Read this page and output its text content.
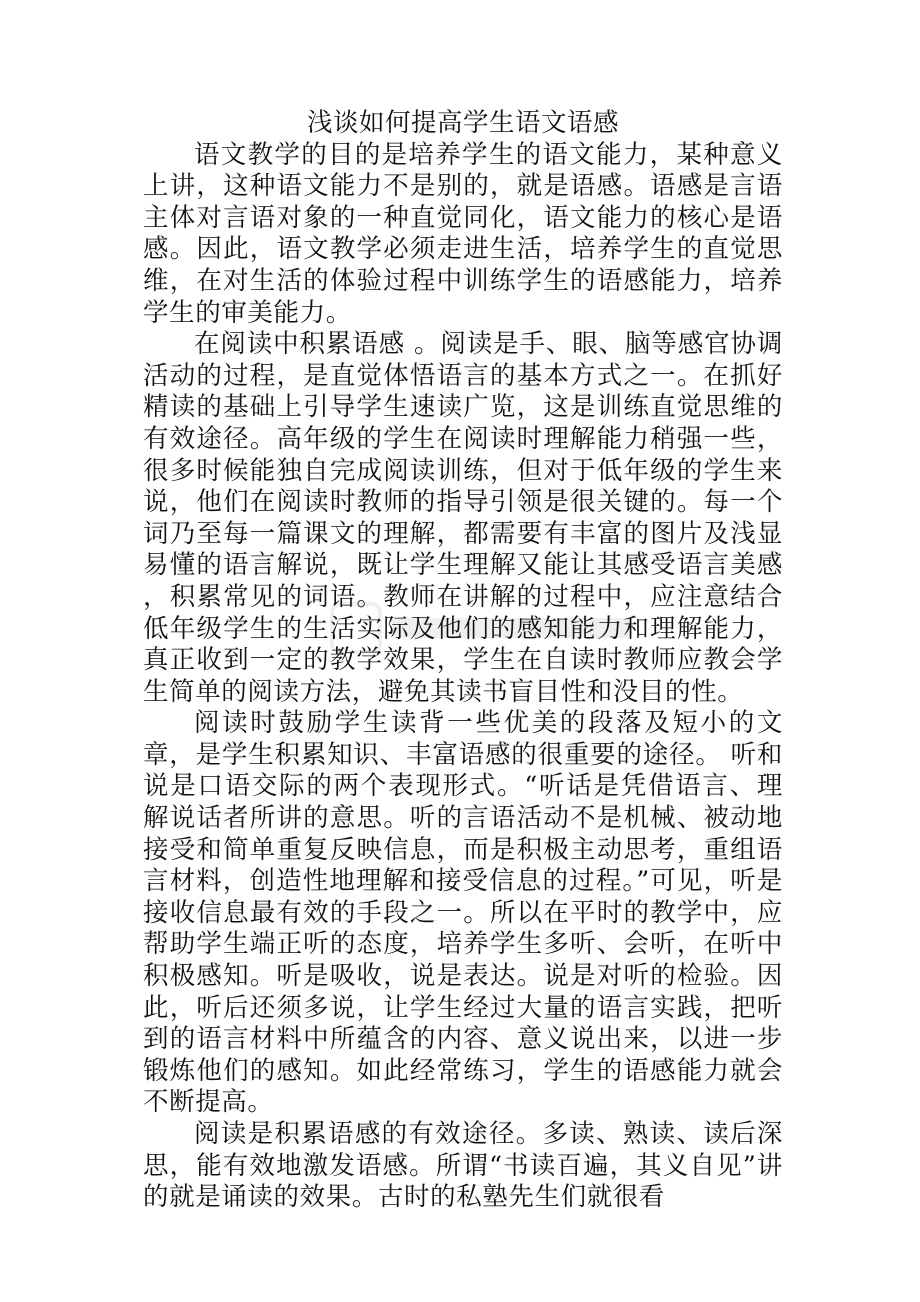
浅谈如何提高学生语文语感

语文教学的目的是培养学生的语文能力，某种意义上讲，这种语文能力不是别的，就是语感。语感是言语主体对言语对象的一种直觉同化，语文能力的核心是语感。因此，语文教学必须走进生活，培养学生的直觉思维，在对生活的体验过程中训练学生的语感能力，培养学生的审美能力。

在阅读中积累语感 。阅读是手、眼、脑等感官协调活动的过程，是直觉体悟语言的基本方式之一。在抓好精读的基础上引导学生速读广览，这是训练直觉思维的有效途径。高年级的学生在阅读时理解能力稍强一些，很多时候能独自完成阅读训练，但对于低年级的学生来说，他们在阅读时教师的指导引领是很关键的。每一个词乃至每一篇课文的理解，都需要有丰富的图片及浅显易懂的语言解说，既让学生理解又能让其感受语言美感 ，积累常见的词语。教师在讲解的过程中，应注意结合低年级学生的生活实际及他们的感知能力和理解能力，真正收到一定的教学效果，学生在自读时教师应教会学生简单的阅读方法，避免其读书盲目性和没目的性。

阅读时鼓励学生读背一些优美的段落及短小的文章，是学生积累知识、丰富语感的很重要的途径。 听和说是口语交际的两个表现形式。“听话是凭借语言、理解说话者所讲的意思。听的言语活动不是机械、被动地接受和简单重复反映信息，而是积极主动思考，重组语言材料，创造性地理解和接受信息的过程。”可见，听是接收信息最有效的手段之一。所以在平时的教学中，应帮助学生端正听的态度，培养学生多听、会听，在听中积极感知。听是吸收，说是表达。说是对听的检验。因此，听后还须多说，让学生经过大量的语言实践，把听到的语言材料中所蕴含的内容、意义说出来，以进一步锻炼他们的感知。如此经常练习，学生的语感能力就会不断提高。

阅读是积累语感的有效途径。多读、熟读、读后深思，能有效地激发语感。所谓“书读百遍，其义自见”讲的就是诵读的效果。古时的私塾先生们就很看
